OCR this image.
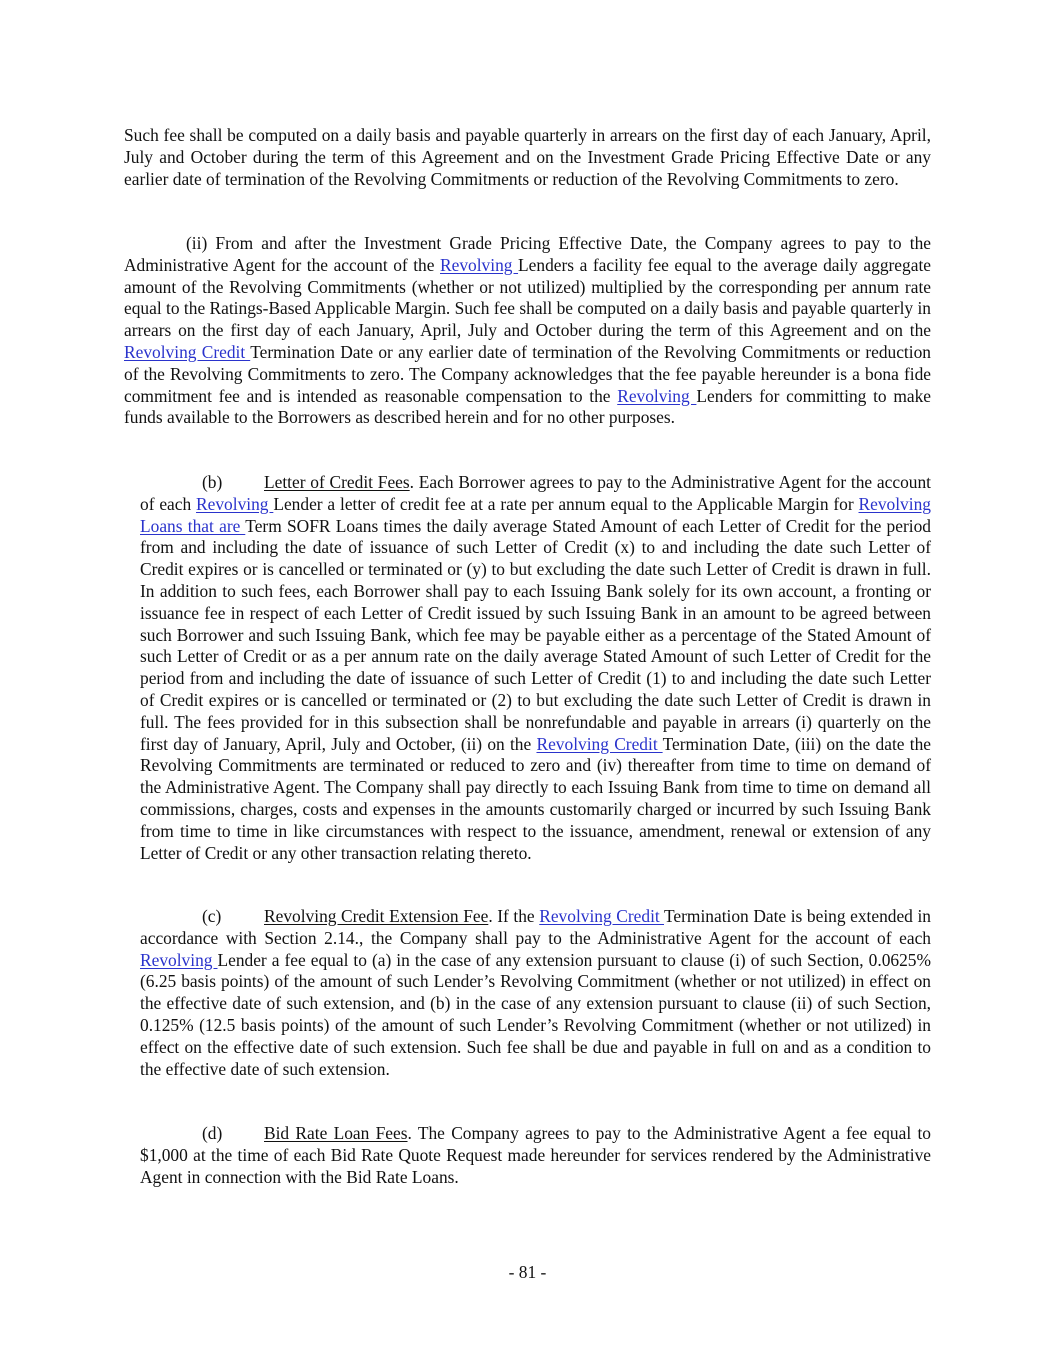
Such fee shall be computed on a daily basis and payable quarterly in arrears on the first day of each January, April, July and October during the term of this Agreement and on the Investment Grade Pricing Effective Date or any earlier date of termination of the Revolving Commitments or reduction of the Revolving Commitments to zero.

(ii) From and after the Investment Grade Pricing Effective Date, the Company agrees to pay to the Administrative Agent for the account of the Revolving Lenders a facility fee equal to the average daily aggregate amount of the Revolving Commitments (whether or not utilized) multiplied by the corresponding per annum rate equal to the Ratings-Based Applicable Margin. Such fee shall be computed on a daily basis and payable quarterly in arrears on the first day of each January, April, July and October during the term of this Agreement and on the Revolving Credit Termination Date or any earlier date of termination of the Revolving Commitments or reduction of the Revolving Commitments to zero. The Company acknowledges that the fee payable hereunder is a bona fide commitment fee and is intended as reasonable compensation to the Revolving Lenders for committing to make funds available to the Borrowers as described herein and for no other purposes.

(b) Letter of Credit Fees. Each Borrower agrees to pay to the Administrative Agent for the account of each Revolving Lender a letter of credit fee at a rate per annum equal to the Applicable Margin for Revolving Loans that are Term SOFR Loans times the daily average Stated Amount of each Letter of Credit for the period from and including the date of issuance of such Letter of Credit (x) to and including the date such Letter of Credit expires or is cancelled or terminated or (y) to but excluding the date such Letter of Credit is drawn in full. In addition to such fees, each Borrower shall pay to each Issuing Bank solely for its own account, a fronting or issuance fee in respect of each Letter of Credit issued by such Issuing Bank in an amount to be agreed between such Borrower and such Issuing Bank, which fee may be payable either as a percentage of the Stated Amount of such Letter of Credit or as a per annum rate on the daily average Stated Amount of such Letter of Credit for the period from and including the date of issuance of such Letter of Credit (1) to and including the date such Letter of Credit expires or is cancelled or terminated or (2) to but excluding the date such Letter of Credit is drawn in full. The fees provided for in this subsection shall be nonrefundable and payable in arrears (i) quarterly on the first day of January, April, July and October, (ii) on the Revolving Credit Termination Date, (iii) on the date the Revolving Commitments are terminated or reduced to zero and (iv) thereafter from time to time on demand of the Administrative Agent. The Company shall pay directly to each Issuing Bank from time to time on demand all commissions, charges, costs and expenses in the amounts customarily charged or incurred by such Issuing Bank from time to time in like circumstances with respect to the issuance, amendment, renewal or extension of any Letter of Credit or any other transaction relating thereto.

(c) Revolving Credit Extension Fee. If the Revolving Credit Termination Date is being extended in accordance with Section 2.14., the Company shall pay to the Administrative Agent for the account of each Revolving Lender a fee equal to (a) in the case of any extension pursuant to clause (i) of such Section, 0.0625% (6.25 basis points) of the amount of such Lender’s Revolving Commitment (whether or not utilized) in effect on the effective date of such extension, and (b) in the case of any extension pursuant to clause (ii) of such Section, 0.125% (12.5 basis points) of the amount of such Lender’s Revolving Commitment (whether or not utilized) in effect on the effective date of such extension. Such fee shall be due and payable in full on and as a condition to the effective date of such extension.

(d) Bid Rate Loan Fees. The Company agrees to pay to the Administrative Agent a fee equal to $1,000 at the time of each Bid Rate Quote Request made hereunder for services rendered by the Administrative Agent in connection with the Bid Rate Loans.

- 81 -
